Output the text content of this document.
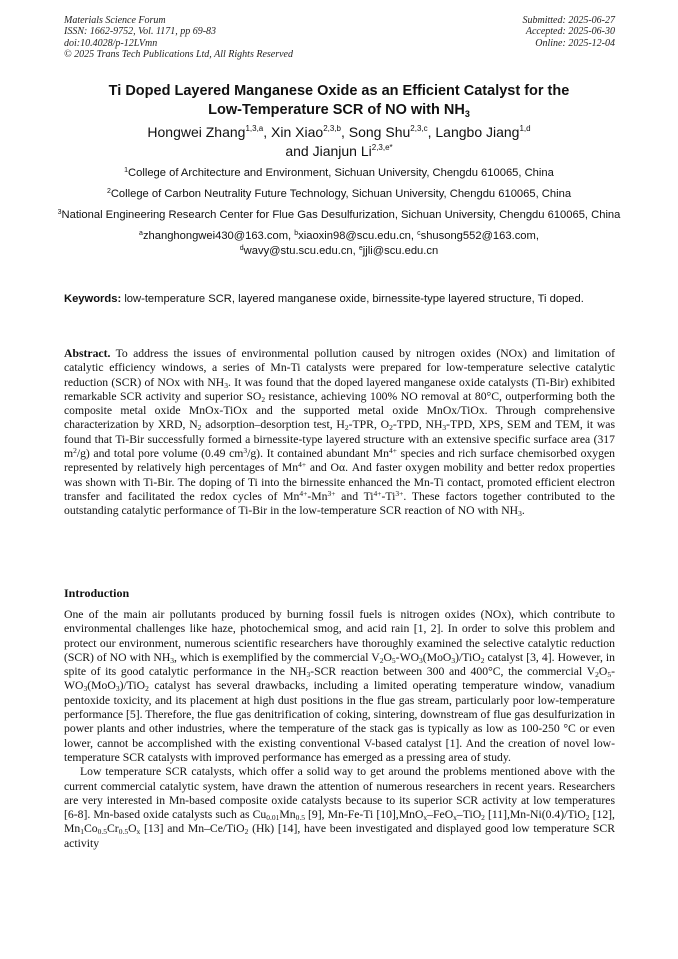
Materials Science Forum
ISSN: 1662-9752, Vol. 1171, pp 69-83
doi:10.4028/p-12LVmn
© 2025 Trans Tech Publications Ltd, All Rights Reserved
Submitted: 2025-06-27
Accepted: 2025-06-30
Online: 2025-12-04
Ti Doped Layered Manganese Oxide as an Efficient Catalyst for the
Low-Temperature SCR of NO with $NH_3$
Hongwei Zhang$^{1,3,a}$, Xin Xiao$^{2,3,b}$, Song Shu$^{2,3,c}$, Langbo Jiang$^{1,d}$
and Jianjun $Li^{2,3,e*}$
$^1$College of Architecture and Environment, Sichuan University, Chengdu 610065, China
$^2$College of Carbon Neutrality Future Technology, Sichuan University, Chengdu 610065, China
$^3$National Engineering Research Center for Flue Gas Desulfurization, Sichuan University, Chengdu 610065, China
$^a$zhanghongwei430@163.com, $^b$xiaoxin98@scu.edu.cn, $^c$shusong552@163.com,
$^d$wavy@stu.scu.edu.cn, $^e$jjli@scu.edu.cn
Keywords: low-temperature SCR, layered manganese oxide, birnessite-type layered structure, Ti doped.
Abstract. To address the issues of environmental pollution caused by nitrogen oxides (NOx) and limitation of catalytic efficiency windows, a series of Mn-Ti catalysts were prepared for low-temperature selective catalytic reduction (SCR) of NOx with $NH_3$. It was found that the doped layered manganese oxide catalysts (Ti-Bir) exhibited remarkable SCR activity and superior $SO_2$ resistance, achieving 100% NO removal at 80°C, outperforming both the composite metal oxide MnOx-TiOx and the supported metal oxide MnOx/TiOx. Through comprehensive characterization by XRD, $N_2$ adsorption–desorption test, $H_2$-TPR, $O_2$-TPD, $NH_3$-TPD, XPS, SEM and TEM, it was found that Ti-Bir successfully formed a birnessite-type layered structure with an extensive specific surface area (317 $m^2/g$) and total pore volume (0.49 $cm^3/g$). It contained abundant $Mn^{4+}$ species and rich surface chemisorbed oxygen represented by relatively high percentages of $Mn^{4+}$ and Oα. And faster oxygen mobility and better redox properties was shown with Ti-Bir. The doping of Ti into the birnessite enhanced the Mn-Ti contact, promoted efficient electron transfer and facilitated the redox cycles of $Mn^{4+}-Mn^{3+}$ and $Ti^{4+}-Ti^{3+}$. These factors together contributed to the outstanding catalytic performance of Ti-Bir in the low-temperature SCR reaction of NO with $NH_3$.
Introduction

One of the main air pollutants produced by burning fossil fuels is nitrogen oxides (NOx), which contribute to environmental challenges like haze, photochemical smog, and acid rain [1, 2]. In order to solve this problem and protect our environment, numerous scientific researchers have thoroughly examined the selective catalytic reduction (SCR) of NO with $NH_3$, which is exemplified by the commercial $V_2O_5-WO_3(MoO_3)/TiO_2$ catalyst [3, 4]. However, in spite of its good catalytic performance in the $NH_3$-SCR reaction between 300 and 400°C, the commercial $V_2O_5-WO_3(MoO_3)/TiO_2$ catalyst has several drawbacks, including a limited operating temperature window, vanadium pentoxide toxicity, and its placement at high dust positions in the flue gas stream, particularly poor low-temperature performance [5]. Therefore, the flue gas denitrification of coking, sintering, downstream of flue gas desulfurization in power plants and other industries, where the temperature of the stack gas is typically as low as 100-250 °C or even lower, cannot be accomplished with the existing conventional V-based catalyst [1]. And the creation of novel low-temperature SCR catalysts with improved performance has emerged as a pressing area of study.

Low temperature SCR catalysts, which offer a solid way to get around the problems mentioned above with the current commercial catalytic system, have drawn the attention of numerous researchers in recent years. Researchers are very interested in Mn-based composite oxide catalysts because to its superior SCR activity at low temperatures [6-8]. Mn-based oxide catalysts such as $Cu_{0.01}Mn_{0.5}$ [9], Mn-Fe-Ti [10],MnO$_x$–FeO$_x$–TiO$_2$ [11],Mn-Ni(0.4)/TiO$_2$ [12], $Mn_1Co_{0.5}Cr_{0.5}O_x$ [13] and Mn–Ce/TiO$_2$ (Hk) [14], have been investigated and displayed good low temperature SCR activity
